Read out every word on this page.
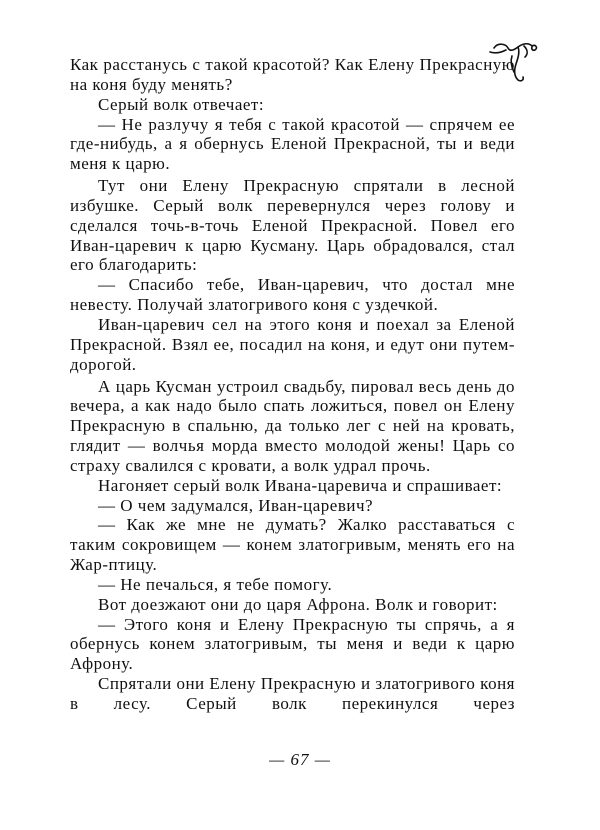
Как расстанусь с такой красотой? Как Елену Прекрасную на коня буду менять?

Серый волк отвечает:

— Не разлучу я тебя с такой красотой — спрячем ее где-нибудь, а я обернусь Еленой Прекрасной, ты и веди меня к царю.

Тут они Елену Прекрасную спрятали в лесной избушке. Серый волк перевернулся через голову и сделался точь-в-точь Еленой Прекрасной. Повел его Иван-царевич к царю Кусману. Царь обрадовался, стал его благодарить:

— Спасибо тебе, Иван-царевич, что достал мне невесту. Получай златогривого коня с уздечкой.

Иван-царевич сел на этого коня и поехал за Еленой Прекрасной. Взял ее, посадил на коня, и едут они путем-дорогой.

А царь Кусман устроил свадьбу, пировал весь день до вечера, а как надо было спать ложиться, повел он Елену Прекрасную в спальню, да только лег с ней на кровать, глядит — волчья морда вместо молодой жены! Царь со страху свалился с кровати, а волк удрал прочь.

Нагоняет серый волк Ивана-царевича и спрашивает:

— О чем задумался, Иван-царевич?

— Как же мне не думать? Жалко расставаться с таким сокровищем — конем златогривым, менять его на Жар-птицу.

— Не печалься, я тебе помогу.

Вот доезжают они до царя Афрона. Волк и говорит:

— Этого коня и Елену Прекрасную ты спрячь, а я обернусь конем златогривым, ты меня и веди к царю Афрону.

Спрятали они Елену Прекрасную и златогривого коня в лесу. Серый волк перекинулся через

— 67 —
